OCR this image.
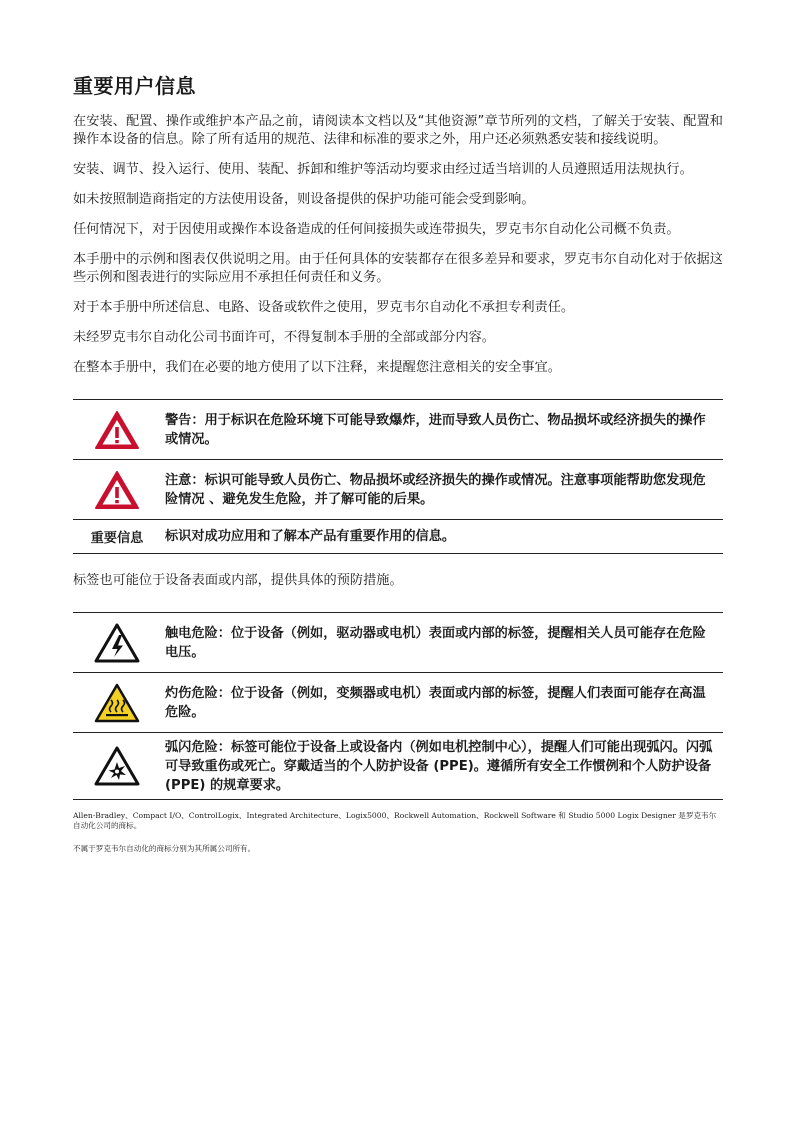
重要用户信息

在安装、配置、操作或维护本产品之前，请阅读本文档以及“其他资源”章节所列的文档，了解关于安装、配置和操作本设备的信息。除了所有适用的规范、法律和标准的要求之外，用户还必须熟悉安装和接线说明。

安装、调节、投入运行、使用、装配、拆卸和维护等活动均要求由经过适当培训的人员遵照适用法规执行。

如未按照制造商指定的方法使用设备，则设备提供的保护功能可能会受到影响。

任何情况下，对于因使用或操作本设备造成的任何间接损失或连带损失，罗克韦尔自动化公司概不负责。

本手册中的示例和图表仅供说明之用。由于任何具体的安装都存在很多差异和要求，罗克韦尔自动化对于依据这些示例和图表进行的实际应用不承担任何责任和义务。

对于本手册中所述信息、电路、设备或软件之使用，罗克韦尔自动化不承担专利责任。

未经罗克韦尔自动化公司书面许可，不得复制本手册的全部或部分内容。

在整本手册中，我们在必要的地方使用了以下注释，来提醒您注意相关的安全事宜。

警告：用于标识在危险环境下可能导致爆炸，进而导致人员伤亡、物品损坏或经济损失的操作或情况。
注意：标识可能导致人员伤亡、物品损坏或经济损失的操作或情况。注意事项能帮助您发现危险情况 、避免发生危险，并了解可能的后果。
重要信息	标识对成功应用和了解本产品有重要作用的信息。

标签也可能位于设备表面或内部，提供具体的预防措施。

触电危险：位于设备（例如，驱动器或电机）表面或内部的标签，提醒相关人员可能存在危险电压。
灼伤危险：位于设备（例如，变频器或电机）表面或内部的标签，提醒人们表面可能存在高温危险。
弧闪危险：标签可能位于设备上或设备内（例如电机控制中心），提醒人们可能出现弧闪。闪弧可导致重伤或死亡。穿戴适当的个人防护设备 (PPE)。遵循所有安全工作惯例和个人防护设备 (PPE) 的规章要求。
Allen-Bradley、Compact I/O、ControlLogix、Integrated Architecture、Logix5000、Rockwell Automation、Rockwell Software 和 Studio 5000 Logix Designer 是罗克韦尔自动化公司的商标。
不属于罗克韦尔自动化的商标分别为其所属公司所有。
